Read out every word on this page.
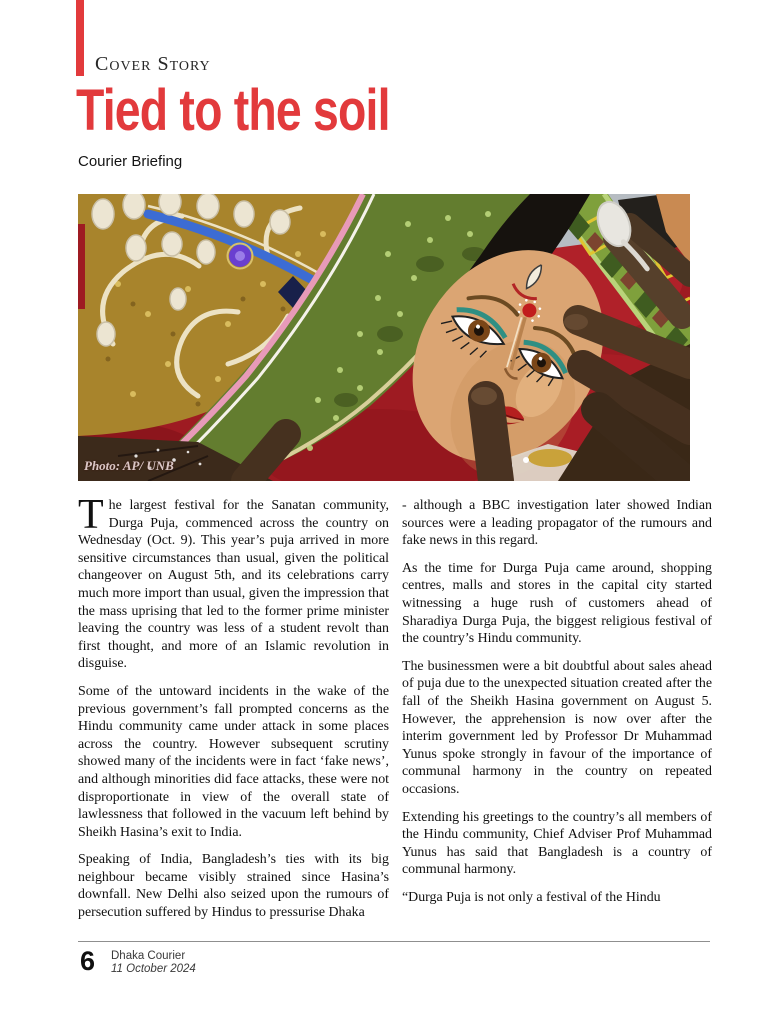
Cover Story
Tied to the soil
Courier Briefing
Photo: AP/ UNB

The largest festival for the Sanatan community, Durga Puja, commenced across the country on Wednesday (Oct. 9). This year’s puja arrived in more sensitive circumstances than usual, given the political changeover on August 5th, and its celebrations carry much more import than usual, given the impression that the mass uprising that led to the former prime minister leaving the country was less of a student revolt than first thought, and more of an Islamic revolution in disguise.

Some of the untoward incidents in the wake of the previous government’s fall prompted concerns as the Hindu community came under attack in some places across the country. However subsequent scrutiny showed many of the incidents were in fact ‘fake news’, and although minorities did face attacks, these were not disproportionate in view of the overall state of lawlessness that followed in the vacuum left behind by Sheikh Hasina’s exit to India.

Speaking of India, Bangladesh’s ties with its big neighbour became visibly strained since Hasina’s downfall. New Delhi also seized upon the rumours of persecution suffered by Hindus to pressurise Dhaka

- although a BBC investigation later showed Indian sources were a leading propagator of the rumours and fake news in this regard.

As the time for Durga Puja came around, shopping centres, malls and stores in the capital city started witnessing a huge rush of customers ahead of Sharadiya Durga Puja, the biggest religious festival of the country’s Hindu community.

The businessmen were a bit doubtful about sales ahead of puja due to the unexpected situation created after the fall of the Sheikh Hasina government on August 5. However, the apprehension is now over after the interim government led by Professor Dr Muhammad Yunus spoke strongly in favour of the importance of communal harmony in the country on repeated occasions.

Extending his greetings to the country’s all members of the Hindu community, Chief Adviser Prof Muhammad Yunus has said that Bangladesh is a country of communal harmony.

“Durga Puja is not only a festival of the Hindu

6 Dhaka Courier
11 October 2024
